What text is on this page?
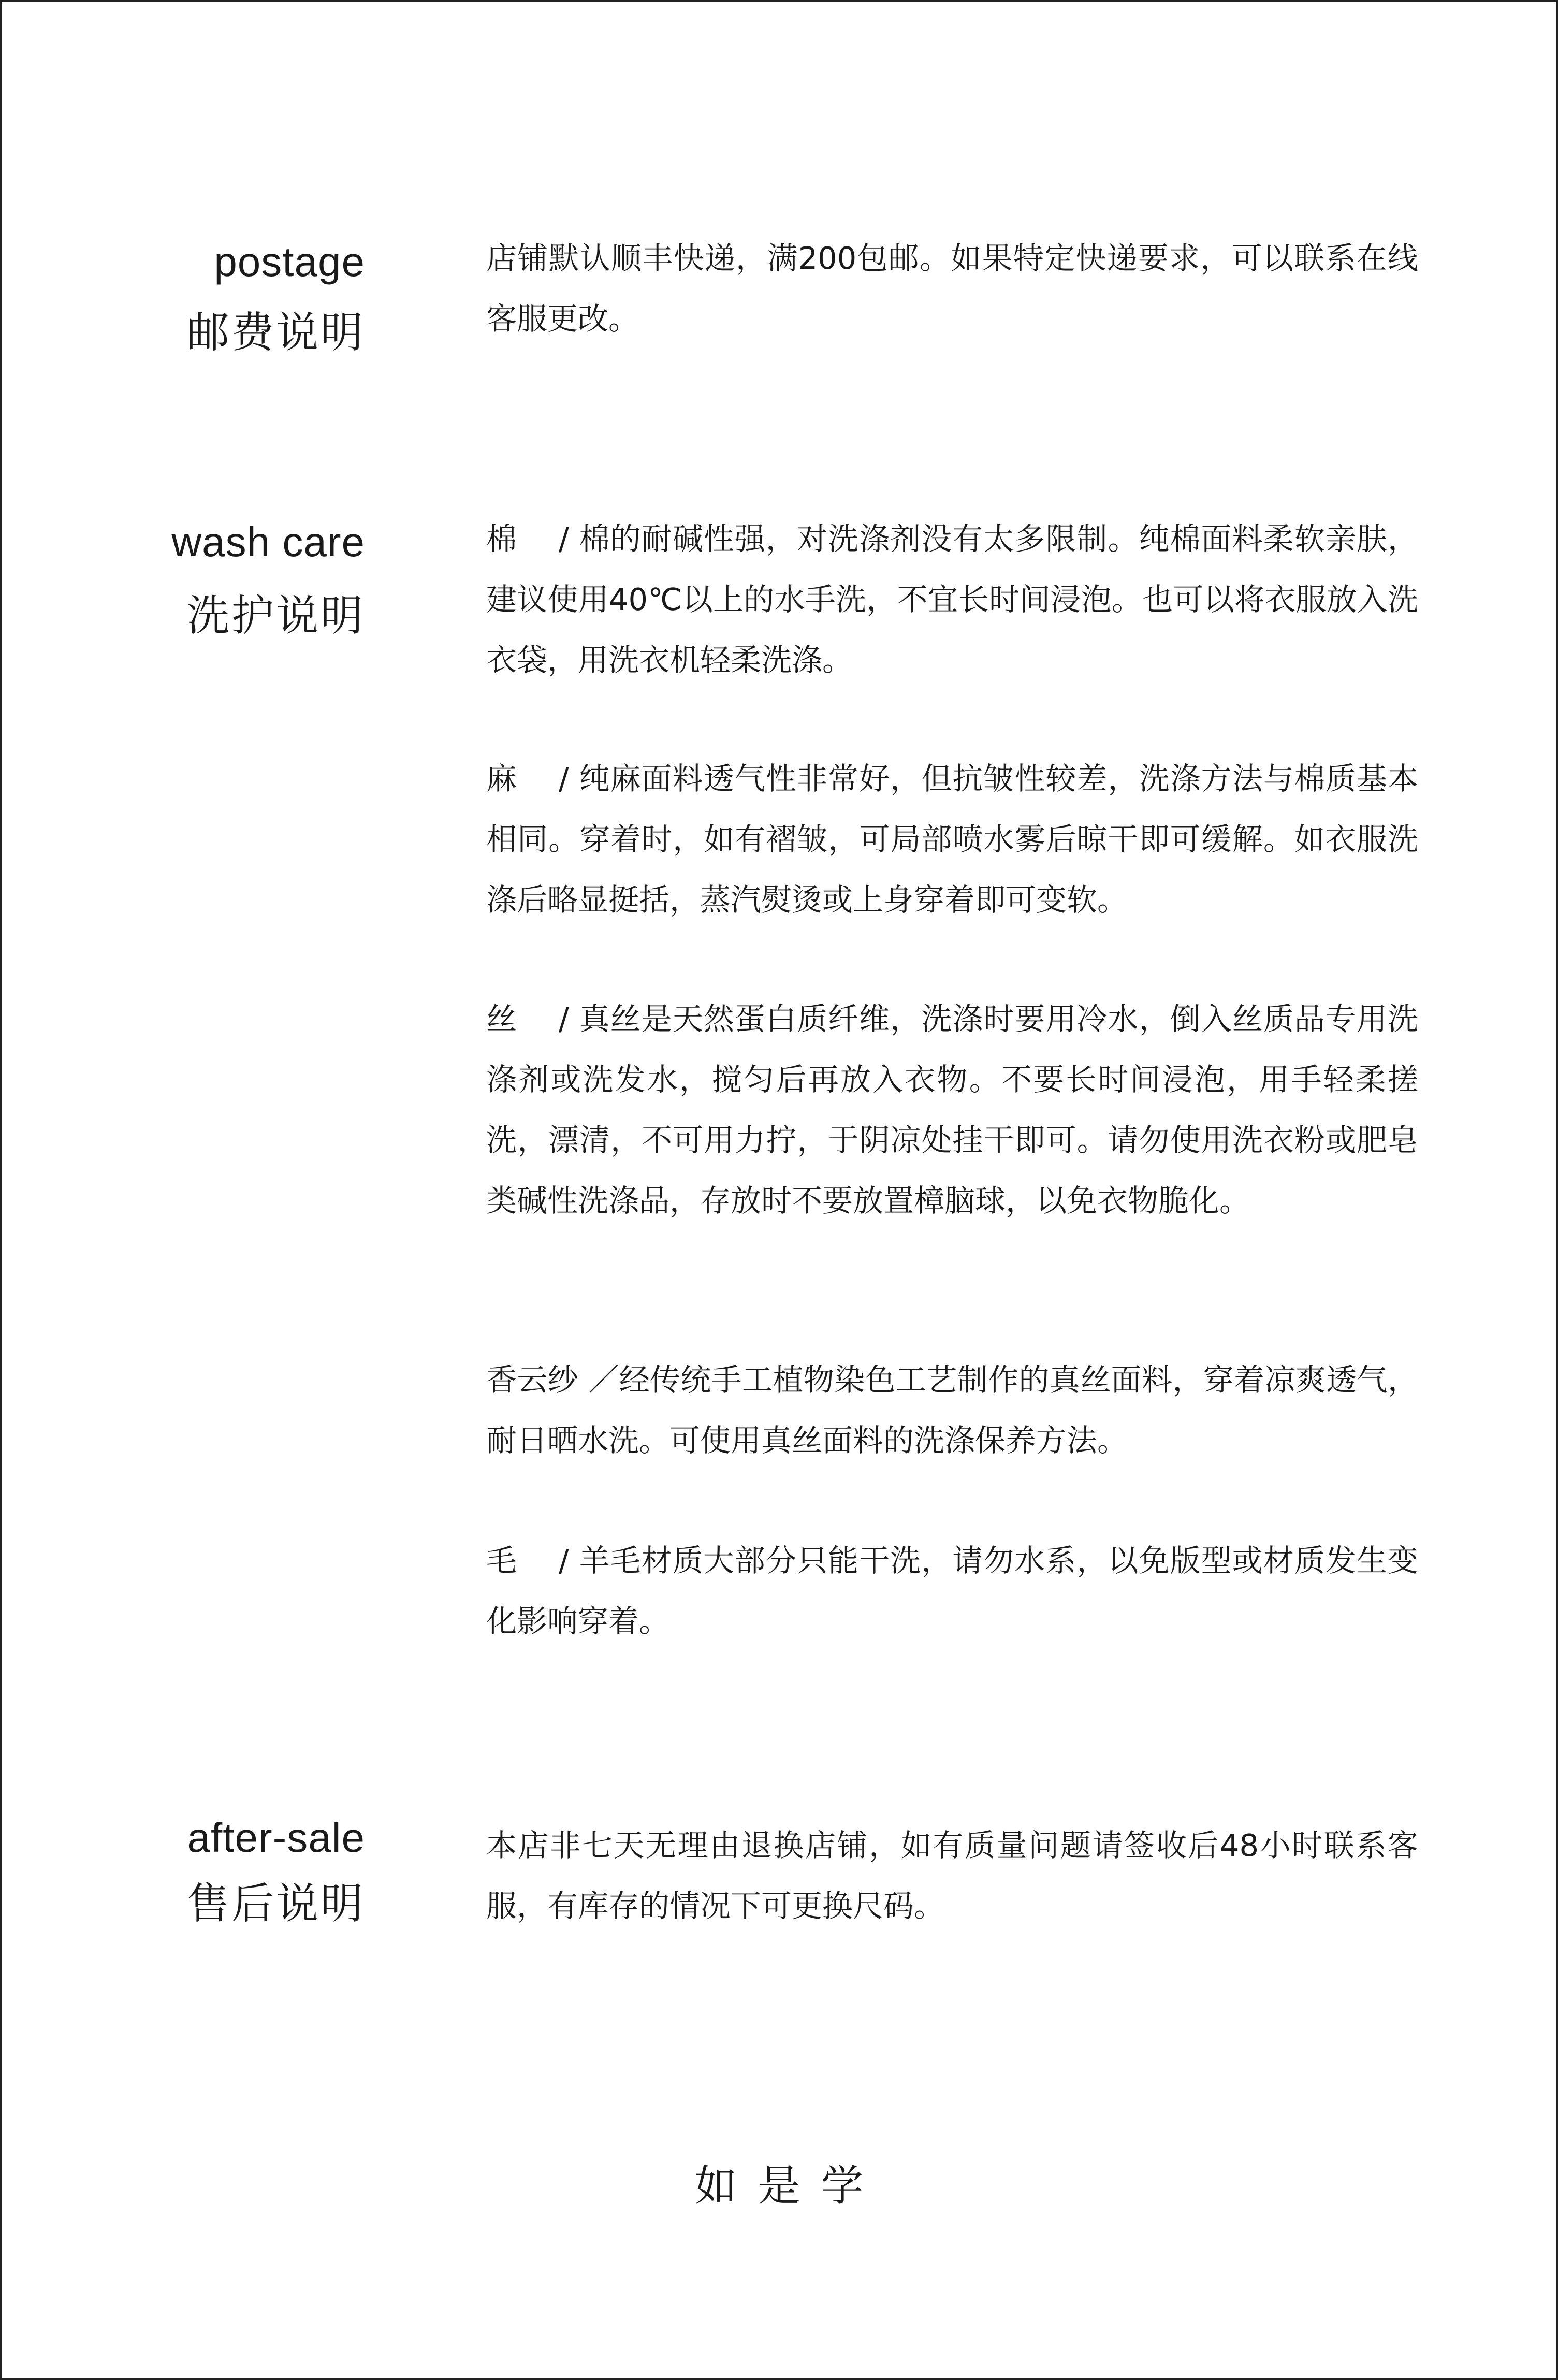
postage
邮费说明

店铺默认顺丰快递，满200包邮。如果特定快递要求，可以联系在线客服更改。

wash care
洗护说明

棉　 / 棉的耐碱性强，对洗涤剂没有太多限制。纯棉面料柔软亲肤，建议使用40℃以上的水手洗，不宜长时间浸泡。也可以将衣服放入洗衣袋，用洗衣机轻柔洗涤。

麻　 / 纯麻面料透气性非常好，但抗皱性较差，洗涤方法与棉质基本相同。穿着时，如有褶皱，可局部喷水雾后晾干即可缓解。如衣服洗涤后略显挺括，蒸汽熨烫或上身穿着即可变软。

丝　 / 真丝是天然蛋白质纤维，洗涤时要用冷水，倒入丝质品专用洗涤剂或洗发水，搅匀后再放入衣物。不要长时间浸泡，用手轻柔搓洗，漂清，不可用力拧，于阴凉处挂干即可。请勿使用洗衣粉或肥皂类碱性洗涤品，存放时不要放置樟脑球，以免衣物脆化。

香云纱 ／经传统手工植物染色工艺制作的真丝面料，穿着凉爽透气，耐日晒水洗。可使用真丝面料的洗涤保养方法。

毛　 / 羊毛材质大部分只能干洗，请勿水系，以免版型或材质发生变化影响穿着。

after-sale
售后说明

本店非七天无理由退换店铺，如有质量问题请签收后48小时联系客服，有库存的情况下可更换尺码。

如是学
